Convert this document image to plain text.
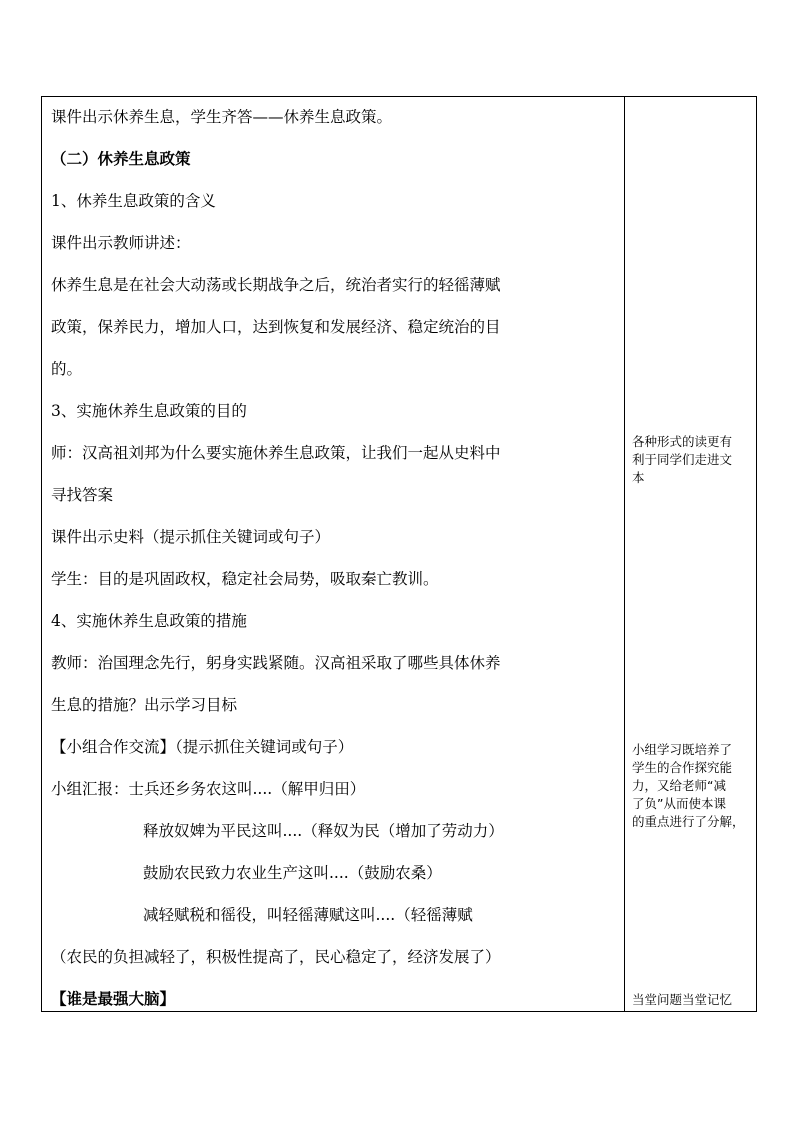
课件出示休养生息，学生齐答——休养生息政策。
（二）休养生息政策
1、休养生息政策的含义
课件出示教师讲述：
休养生息是在社会大动荡或长期战争之后，统治者实行的轻徭薄赋
政策，保养民力，增加人口，达到恢复和发展经济、稳定统治的目
的。
3、实施休养生息政策的目的
师：汉高祖刘邦为什么要实施休养生息政策，让我们一起从史料中
寻找答案
课件出示史料（提示抓住关键词或句子）
学生：目的是巩固政权，稳定社会局势，吸取秦亡教训。
4、实施休养生息政策的措施
教师：治国理念先行，躬身实践紧随。汉高祖采取了哪些具体休养
生息的措施？出示学习目标
【小组合作交流】（提示抓住关键词或句子）
小组汇报：士兵还乡务农这叫....（解甲归田）
释放奴婢为平民这叫....（释奴为民（增加了劳动力）
鼓励农民致力农业生产这叫....（鼓励农桑）
减轻赋税和徭役，叫轻徭薄赋这叫....（轻徭薄赋
（农民的负担减轻了，积极性提高了，民心稳定了，经济发展了）
【谁是最强大脑】
各种形式的读更有
利于同学们走进文
本
小组学习既培养了
学生的合作探究能
力，又给老师“减
了负”从而使本课
的重点进行了分解，
当堂问题当堂记忆
